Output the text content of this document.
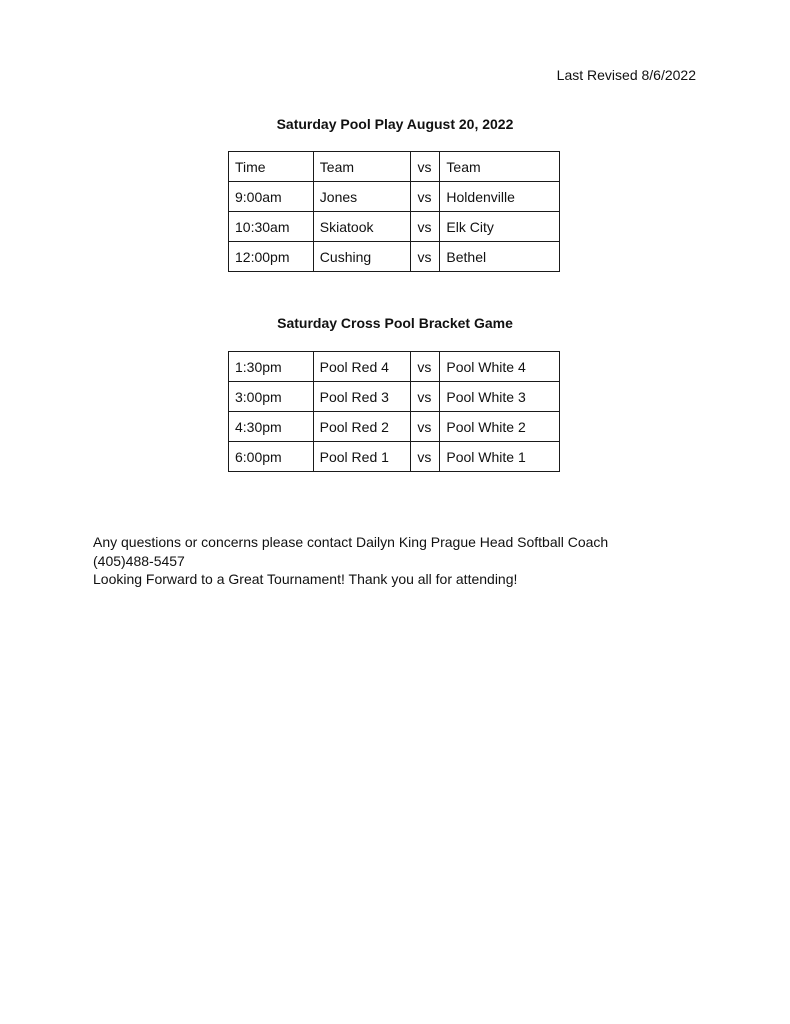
Last Revised 8/6/2022
Saturday Pool Play August 20, 2022
Time	Team	vs	Team
9:00am	Jones	vs	Holdenville
10:30am	Skiatook	vs	Elk City
12:00pm	Cushing	vs	Bethel
Saturday Cross Pool Bracket Game
1:30pm	Pool Red 4	vs	Pool White 4
3:00pm	Pool Red 3	vs	Pool White 3
4:30pm	Pool Red 2	vs	Pool White 2
6:00pm	Pool Red 1	vs	Pool White 1
Any questions or concerns please contact Dailyn King Prague Head Softball Coach
(405)488-5457
Looking Forward to a Great Tournament! Thank you all for attending!
